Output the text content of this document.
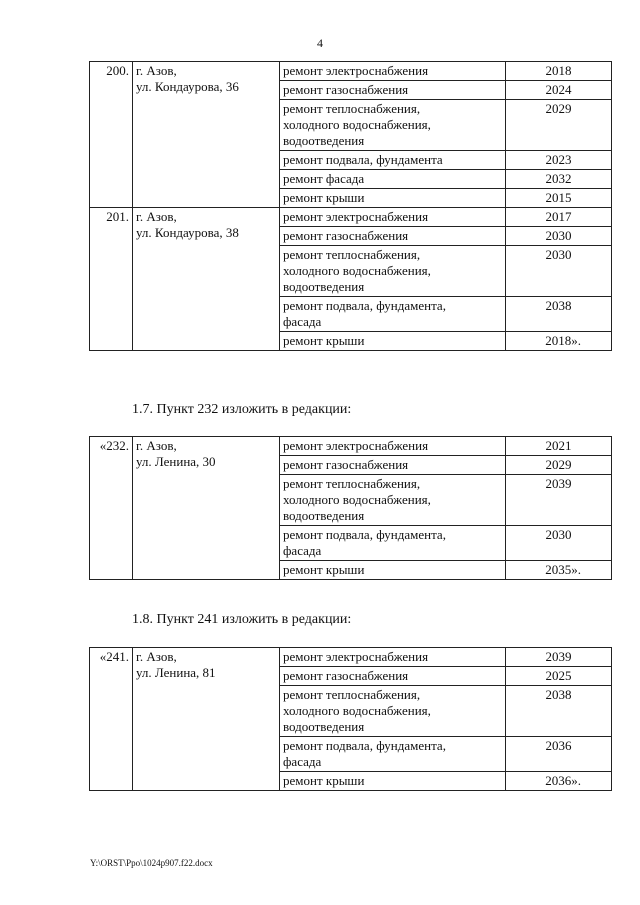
4
200.	г. Азов,
ул. Кондаурова, 36	ремонт электроснабжения	2018
		ремонт газоснабжения	2024
		ремонт теплоснабжения,
холодного водоснабжения,
водоотведения	2029
		ремонт подвала, фундамента	2023
		ремонт фасада	2032
		ремонт крыши	2015
201.	г. Азов,
ул. Кондаурова, 38	ремонт электроснабжения	2017
		ремонт газоснабжения	2030
		ремонт теплоснабжения,
холодного водоснабжения,
водоотведения	2030
		ремонт подвала, фундамента,
фасада	2038
		ремонт крыши	2018».
1.7. Пункт 232 изложить в редакции:
«232.	г. Азов,
ул. Ленина, 30	ремонт электроснабжения	2021
		ремонт газоснабжения	2029
		ремонт теплоснабжения,
холодного водоснабжения,
водоотведения	2039
		ремонт подвала, фундамента,
фасада	2030
		ремонт крыши	2035».
1.8. Пункт 241 изложить в редакции:
«241.	г. Азов,
ул. Ленина, 81	ремонт электроснабжения	2039
		ремонт газоснабжения	2025
		ремонт теплоснабжения,
холодного водоснабжения,
водоотведения	2038
		ремонт подвала, фундамента,
фасада	2036
		ремонт крыши	2036».
Y:\ORST\Ppo\1024p907.f22.docx
